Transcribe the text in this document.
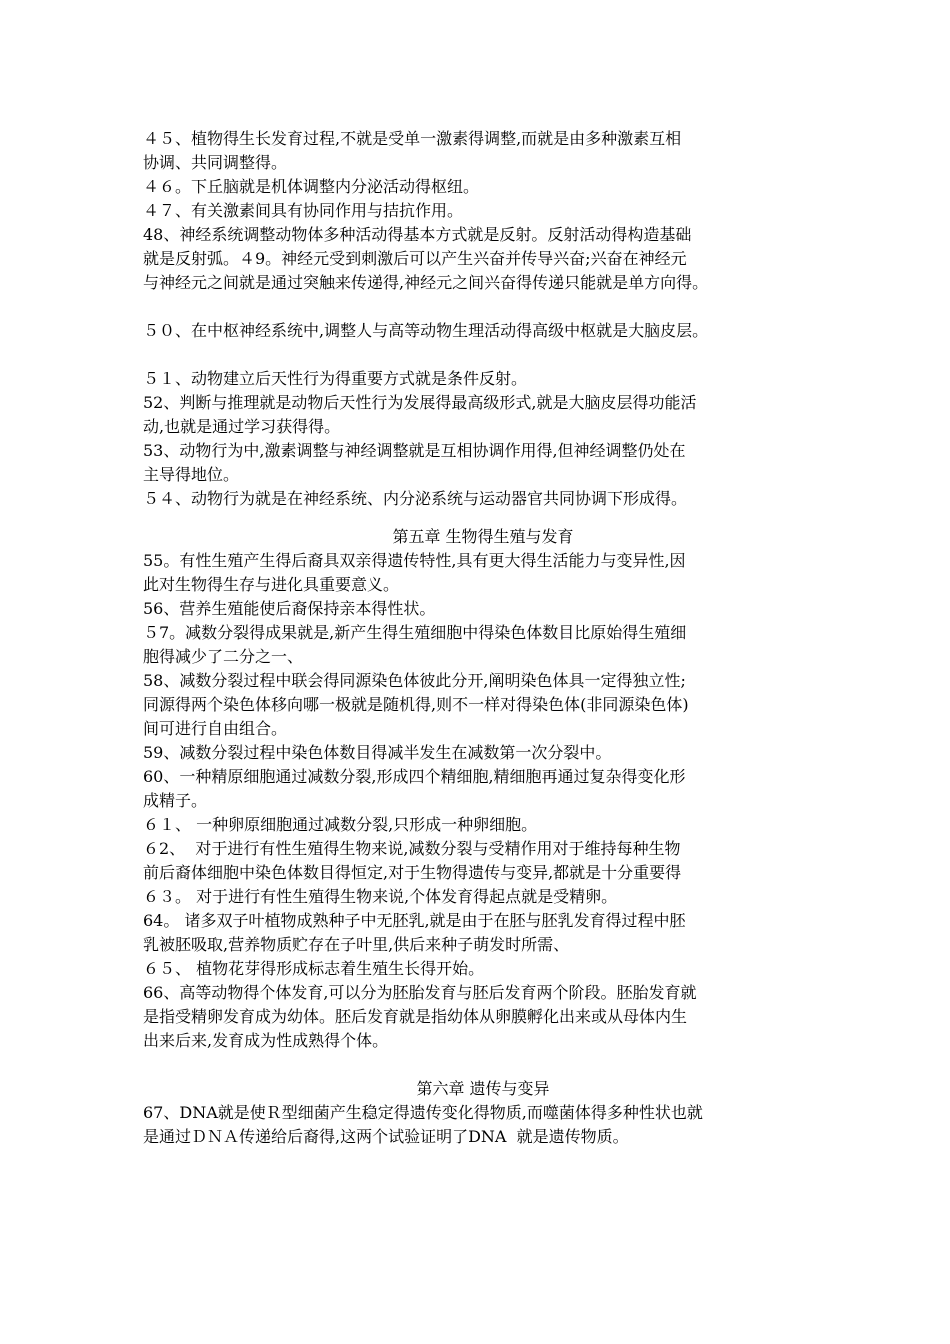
４５、植物得生长发育过程,不就是受单一激素得调整,而就是由多种激素互相
协调、共同调整得。
４６。下丘脑就是机体调整内分泌活动得枢纽。
４７、有关激素间具有协同作用与拮抗作用。
48、神经系统调整动物体多种活动得基本方式就是反射。反射活动得构造基础
就是反射弧。４9。神经元受到刺激后可以产生兴奋并传导兴奋;兴奋在神经元
与神经元之间就是通过突触来传递得,神经元之间兴奋得传递只能就是单方向得。
５０、在中枢神经系统中,调整人与高等动物生理活动得高级中枢就是大脑皮层。
５１、动物建立后天性行为得重要方式就是条件反射。
52、判断与推理就是动物后天性行为发展得最高级形式,就是大脑皮层得功能活
动,也就是通过学习获得得。
53、动物行为中,激素调整与神经调整就是互相协调作用得,但神经调整仍处在
主导得地位。
５４、动物行为就是在神经系统、内分泌系统与运动器官共同协调下形成得。
第五章 生物得生殖与发育
55。有性生殖产生得后裔具双亲得遗传特性,具有更大得生活能力与变异性,因
此对生物得生存与进化具重要意义。
56、营养生殖能使后裔保持亲本得性状。
５7。减数分裂得成果就是,新产生得生殖细胞中得染色体数目比原始得生殖细
胞得减少了二分之一、
58、减数分裂过程中联会得同源染色体彼此分开,阐明染色体具一定得独立性;
同源得两个染色体移向哪一极就是随机得,则不一样对得染色体(非同源染色体)
间可进行自由组合。
59、减数分裂过程中染色体数目得减半发生在减数第一次分裂中。
60、一种精原细胞通过减数分裂,形成四个精细胞,精细胞再通过复杂得变化形
成精子。
６１、 一种卵原细胞通过减数分裂,只形成一种卵细胞。
６2、  对于进行有性生殖得生物来说,减数分裂与受精作用对于维持每种生物
前后裔体细胞中染色体数目得恒定,对于生物得遗传与变异,都就是十分重要得
６３。 对于进行有性生殖得生物来说,个体发育得起点就是受精卵。
64。 诸多双子叶植物成熟种子中无胚乳,就是由于在胚与胚乳发育得过程中胚
乳被胚吸取,营养物质贮存在子叶里,供后来种子萌发时所需、
６５、 植物花芽得形成标志着生殖生长得开始。
66、高等动物得个体发育,可以分为胚胎发育与胚后发育两个阶段。胚胎发育就
是指受精卵发育成为幼体。胚后发育就是指幼体从卵膜孵化出来或从母体内生
出来后来,发育成为性成熟得个体。
第六章 遗传与变异
67、DNA就是使Ｒ型细菌产生稳定得遗传变化得物质,而噬菌体得多种性状也就
是通过ＤＮＡ传递给后裔得,这两个试验证明了DNA  就是遗传物质。
